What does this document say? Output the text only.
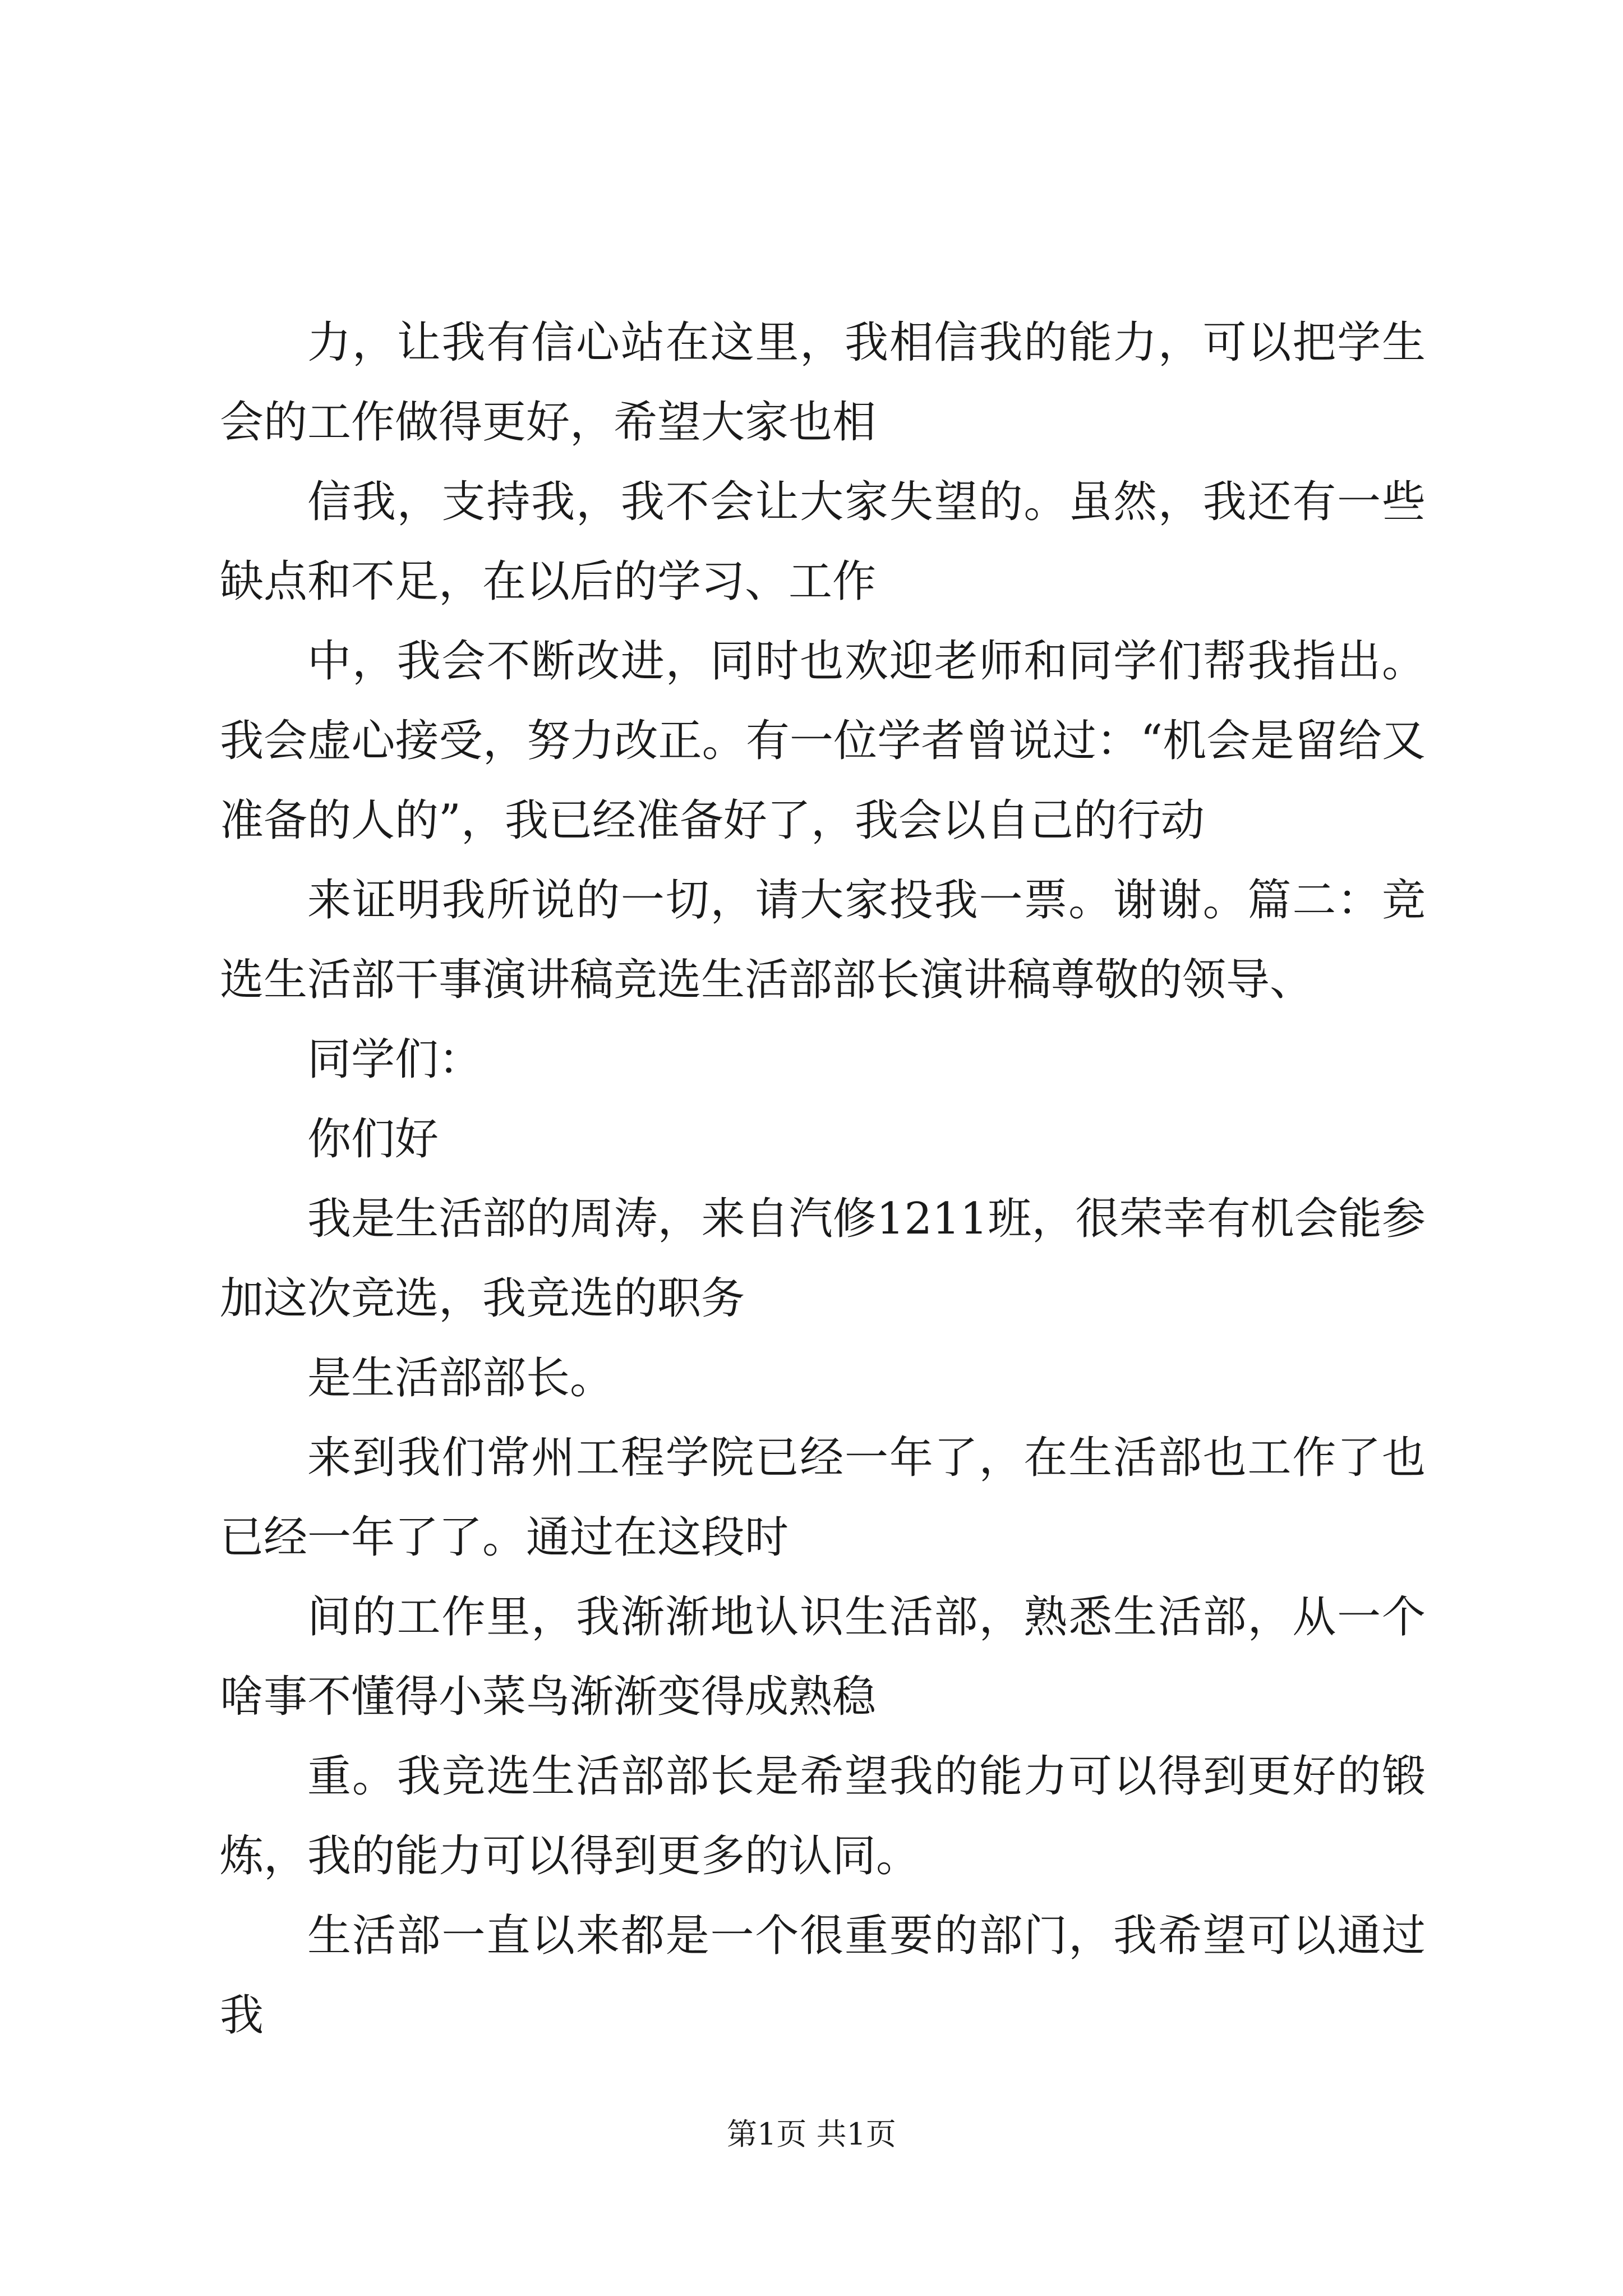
力，让我有信心站在这里，我相信我的能力，可以把学生会的工作做得更好，希望大家也相

信我，支持我，我不会让大家失望的。虽然，我还有一些缺点和不足，在以后的学习、工作

中，我会不断改进，同时也欢迎老师和同学们帮我指出。我会虚心接受，努力改正。有一位学者曾说过：“机会是留给又准备的人的”，我已经准备好了，我会以自己的行动

来证明我所说的一切，请大家投我一票。谢谢。篇二：竞选生活部干事演讲稿竞选生活部部长演讲稿尊敬的领导、

同学们：

你们好

我是生活部的周涛，来自汽修1211班，很荣幸有机会能参加这次竞选，我竞选的职务

是生活部部长。

来到我们常州工程学院已经一年了，在生活部也工作了也已经一年了了。通过在这段时

间的工作里，我渐渐地认识生活部，熟悉生活部，从一个啥事不懂得小菜鸟渐渐变得成熟稳

重。我竞选生活部部长是希望我的能力可以得到更好的锻炼，我的能力可以得到更多的认同。

生活部一直以来都是一个很重要的部门，我希望可以通过我

第1页 共1页
